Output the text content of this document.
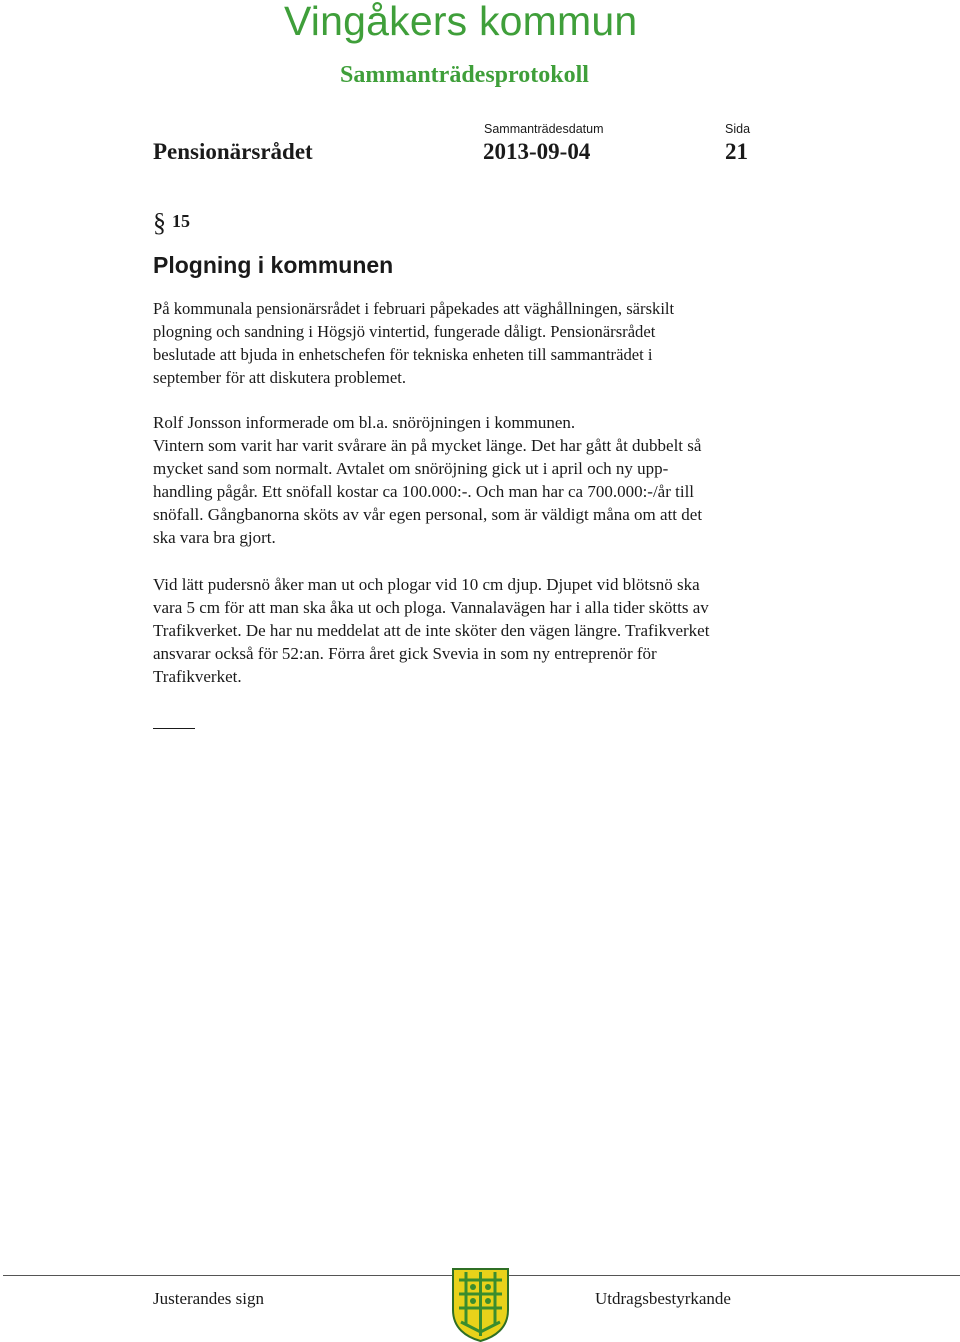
Vingåkers kommun
Sammanträdesprotokoll
Sammanträdesdatum	Sida
Pensionärsrådet	2013-09-04	21
§ 15
Plogning i kommunen
På kommunala pensionärsrådet i februari påpekades att väghållningen, särskilt
plogning och sandning i Högsjö vintertid, fungerade dåligt. Pensionärsrådet
beslutade att bjuda in enhetschefen för tekniska enheten till sammanträdet i
september för att diskutera problemet.
Rolf Jonsson informerade om bl.a. snöröjningen i kommunen.
Vintern som varit har varit svårare än på mycket länge. Det har gått åt dubbelt så
mycket sand som normalt. Avtalet om snöröjning gick ut i april och ny upp-
handling pågår. Ett snöfall kostar ca 100.000:-. Och man har ca 700.000:-/år till
snöfall. Gångbanorna sköts av vår egen personal, som är väldigt måna om att det
ska vara bra gjort.
Vid lätt pudersnö åker man ut och plogar vid 10 cm djup. Djupet vid blötsnö ska
vara 5 cm för att man ska åka ut och ploga. Vannalavägen har i alla tider skötts av
Trafikverket. De har nu meddelat att de inte sköter den vägen längre. Trafikverket
ansvarar också för 52:an. Förra året gick Svevia in som ny entreprenör för
Trafikverket.
Justerandes sign	Utdragsbestyrkande
